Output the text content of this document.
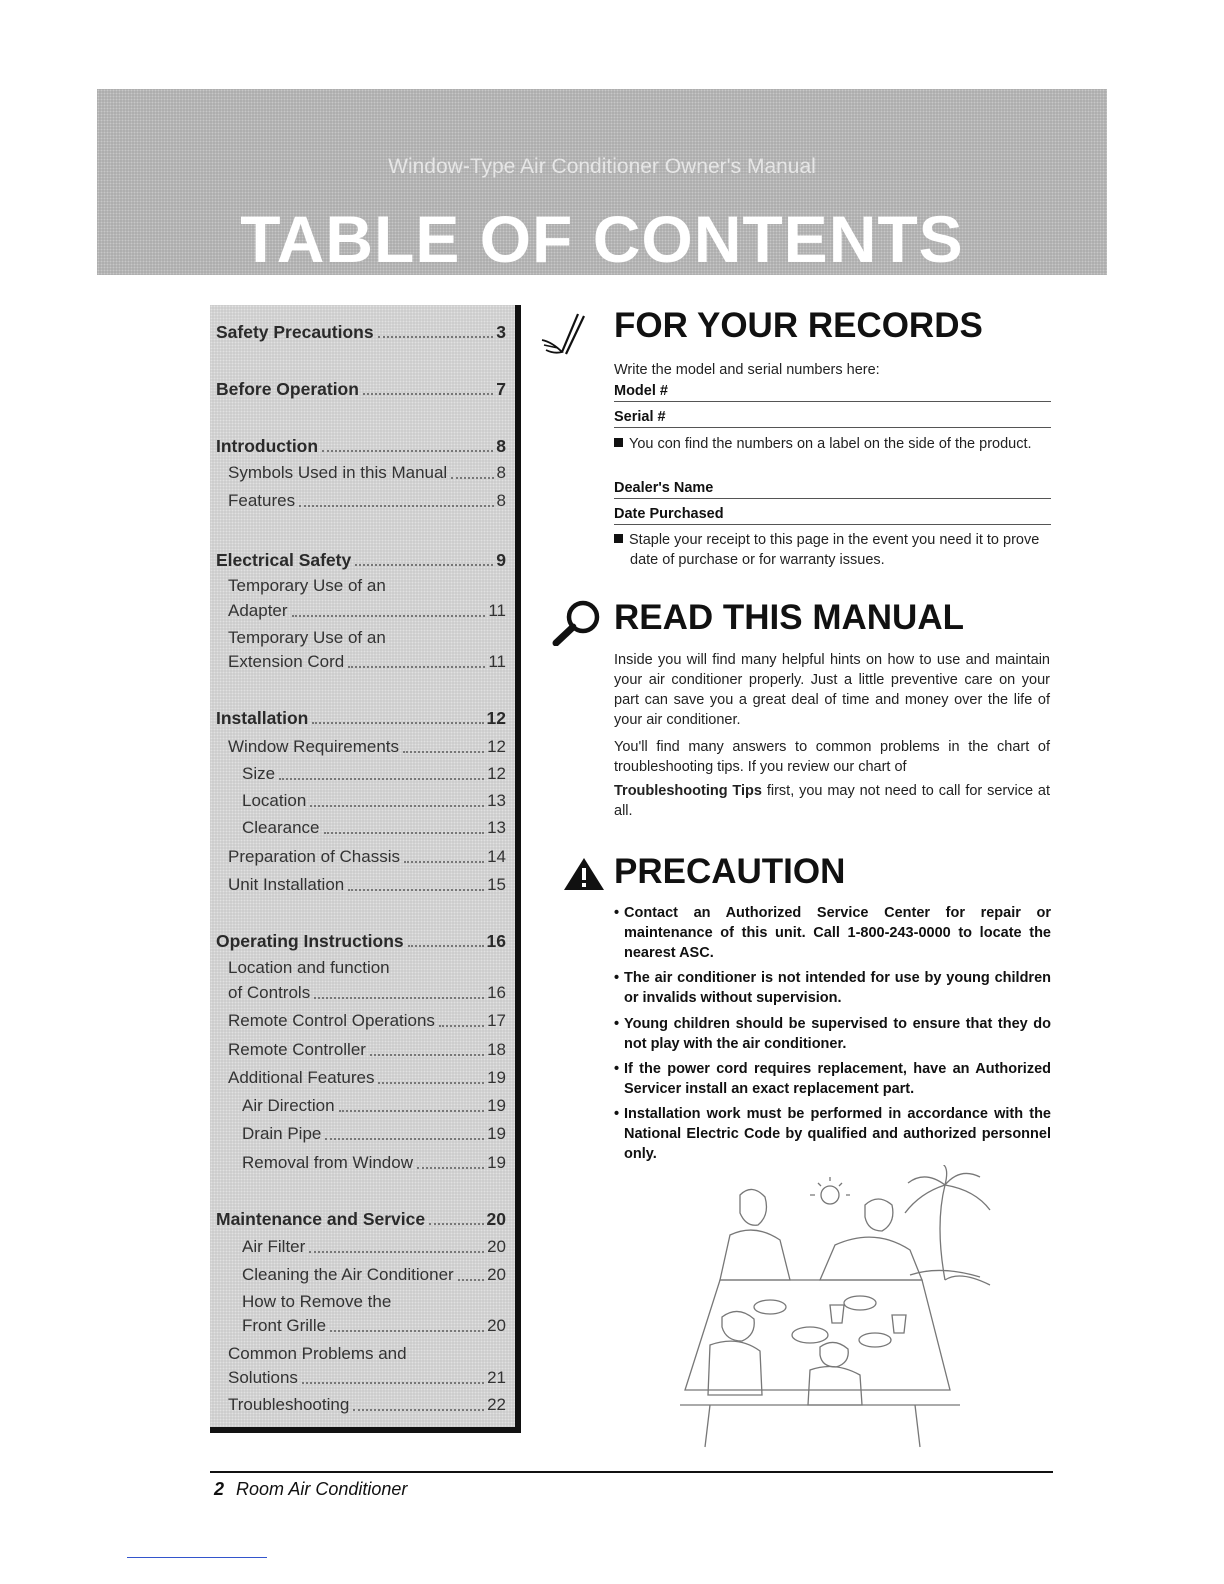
Window-Type Air Conditioner Owner's Manual
TABLE OF CONTENTS
Safety Precautions	3
Before Operation	7
Introduction	8
Symbols Used in this Manual	8
Features	8
Electrical Safety	9
Temporary Use of an
Adapter	11
Temporary Use of an
Extension Cord	11
Installation	12
Window Requirements	12
Size	12
Location	13
Clearance	13
Preparation of Chassis	14
Unit Installation	15
Operating Instructions	16
Location and function
of Controls	16
Remote Control Operations	17
Remote Controller	18
Additional Features	19
Air Direction	19
Drain Pipe	19
Removal from Window	19
Maintenance and Service	20
Air Filter	20
Cleaning the Air Conditioner 20
How to Remove the
Front Grille	20
Common Problems and
Solutions	21
Troubleshooting	22
FOR YOUR RECORDS
Write the model and serial numbers here:
Model #
Serial #
You con find the numbers on a label on the side of the product.
Dealer's Name
Date Purchased
Staple your receipt to this page in the event you need it to prove date of purchase or for warranty issues.
READ THIS MANUAL
Inside you will find many helpful hints on how to use and maintain your air conditioner properly. Just a little preventive care on your part can save you a great deal of time and money over the life of your air conditioner.
You'll find many answers to common problems in the chart of troubleshooting tips. If you review our chart of
Troubleshooting Tips first, you may not need to call for service at all.
PRECAUTION
• Contact an Authorized Service Center for repair or maintenance of this unit. Call 1-800-243-0000 to locate the nearest ASC.
• The air conditioner is not intended for use by young children or invalids without supervision.
• Young children should be supervised to ensure that they do not play with the air conditioner.
• If the power cord requires replacement, have an Authorized Servicer install an exact replacement part.
• Installation work must be performed in accordance with the National Electric Code by qualified and authorized personnel only.
2 Room Air Conditioner
